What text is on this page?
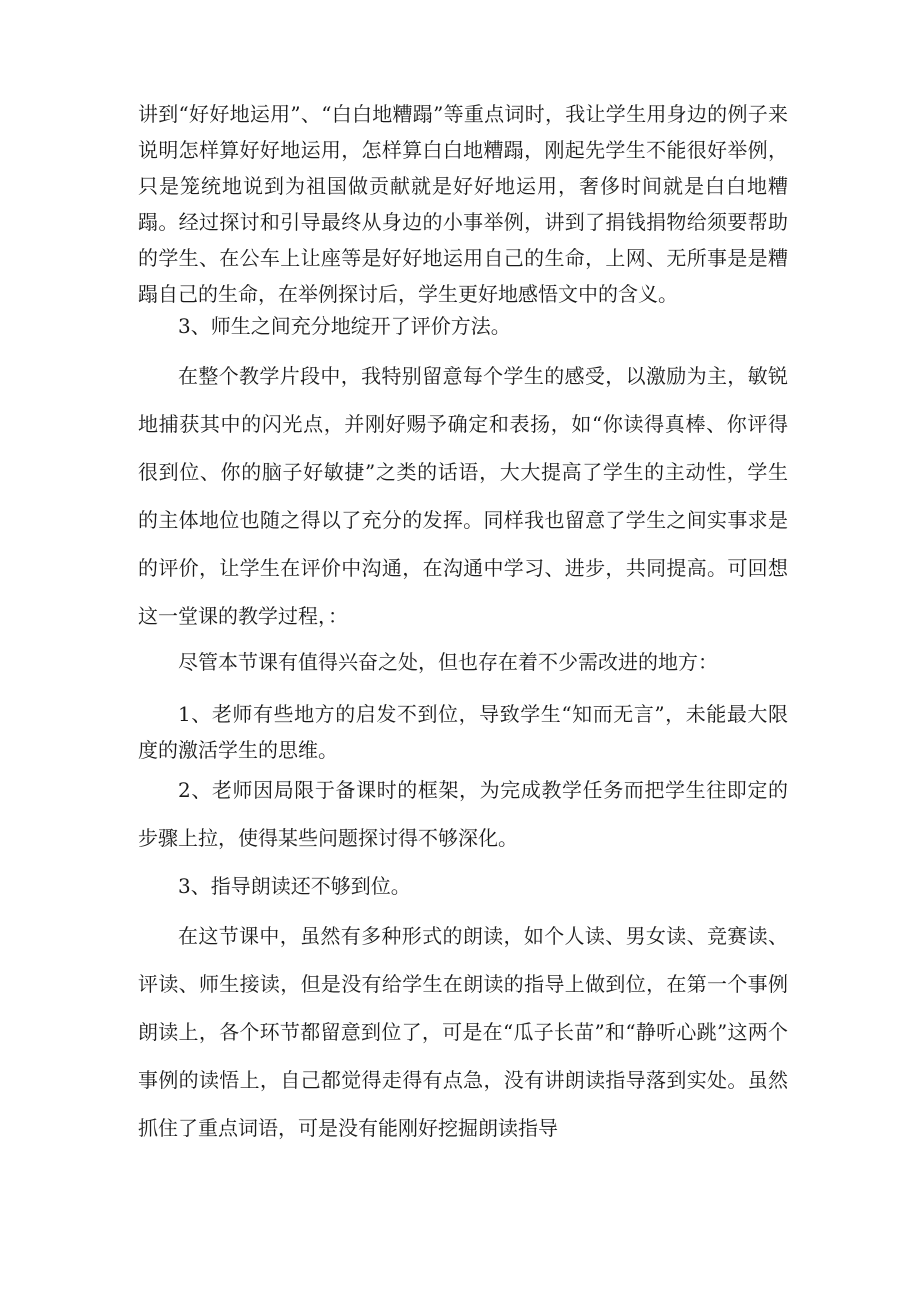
讲到“好好地运用”、“白白地糟蹋”等重点词时，我让学生用身边的例子来说明怎样算好好地运用，怎样算白白地糟蹋，刚起先学生不能很好举例，只是笼统地说到为祖国做贡献就是好好地运用，奢侈时间就是白白地糟蹋。经过探讨和引导最终从身边的小事举例，讲到了捐钱捐物给须要帮助的学生、在公车上让座等是好好地运用自己的生命，上网、无所事是是糟蹋自己的生命，在举例探讨后，学生更好地感悟文中的含义。

3、师生之间充分地绽开了评价方法。

在整个教学片段中，我特别留意每个学生的感受，以激励为主，敏锐地捕获其中的闪光点，并刚好赐予确定和表扬，如“你读得真棒、你评得很到位、你的脑子好敏捷”之类的话语，大大提高了学生的主动性，学生的主体地位也随之得以了充分的发挥。同样我也留意了学生之间实事求是的评价，让学生在评价中沟通，在沟通中学习、进步，共同提高。可回想这一堂课的教学过程，：

尽管本节课有值得兴奋之处，但也存在着不少需改进的地方：

1、老师有些地方的启发不到位，导致学生“知而无言”，未能最大限度的激活学生的思维。

2、老师因局限于备课时的框架，为完成教学任务而把学生往即定的步骤上拉，使得某些问题探讨得不够深化。

3、指导朗读还不够到位。

在这节课中，虽然有多种形式的朗读，如个人读、男女读、竞赛读、评读、师生接读，但是没有给学生在朗读的指导上做到位，在第一个事例朗读上，各个环节都留意到位了，可是在“瓜子长苗”和“静听心跳”这两个事例的读悟上，自己都觉得走得有点急，没有讲朗读指导落到实处。虽然抓住了重点词语，可是没有能刚好挖掘朗读指导
